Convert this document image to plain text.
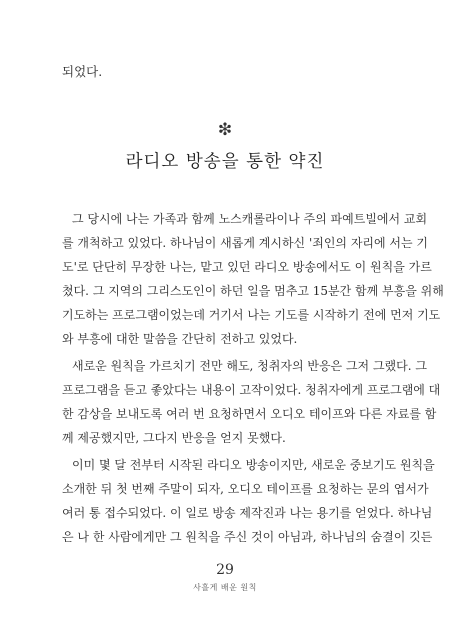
되었다.
❇
라디오 방송을 통한 약진
그 당시에 나는 가족과 함께 노스캐롤라이나 주의 파예트빌에서 교회
를 개척하고 있었다. 하나님이 새롭게 계시하신 '죄인의 자리에 서는 기
도'로 단단히 무장한 나는, 맡고 있던 라디오 방송에서도 이 원칙을 가르
쳤다. 그 지역의 그리스도인이 하던 일을 멈추고 15분간 함께 부흥을 위해
기도하는 프로그램이었는데 거기서 나는 기도를 시작하기 전에 먼저 기도
와 부흥에 대한 말씀을 간단히 전하고 있었다.
새로운 원칙을 가르치기 전만 해도, 청취자의 반응은 그저 그랬다. 그
프로그램을 듣고 좋았다는 내용이 고작이었다. 청취자에게 프로그램에 대
한 감상을 보내도록 여러 번 요청하면서 오디오 테이프와 다른 자료를 함
께 제공했지만, 그다지 반응을 얻지 못했다.
이미 몇 달 전부터 시작된 라디오 방송이지만, 새로운 중보기도 원칙을
소개한 뒤 첫 번째 주말이 되자, 오디오 테이프를 요청하는 문의 엽서가
여러 통 접수되었다. 이 일로 방송 제작진과 나는 용기를 얻었다. 하나님
은 나 한 사람에게만 그 원칙을 주신 것이 아님과, 하나님의 숨결이 깃든
29
사흘게 배운 원칙
